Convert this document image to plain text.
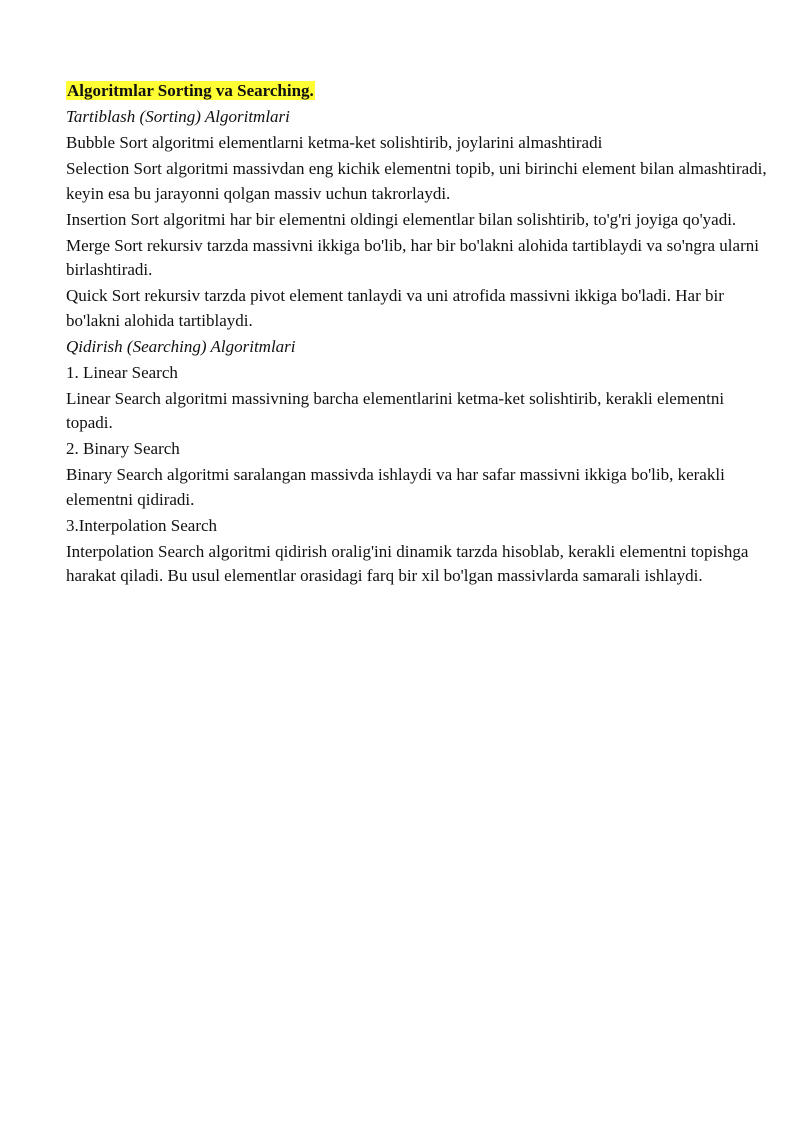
Algoritmlar Sorting va Searching.
Tartiblash (Sorting) Algoritmlari
Bubble Sort algoritmi elementlarni ketma-ket solishtirib, joylarini almashtiradi
Selection Sort algoritmi massivdan eng kichik elementni topib, uni birinchi element bilan almashtiradi, keyin esa bu jarayonni qolgan massiv uchun takrorlaydi.
Insertion Sort algoritmi har bir elementni oldingi elementlar bilan solishtirib, to'g'ri joyiga qo'yadi.
Merge Sort rekursiv tarzda massivni ikkiga bo'lib, har bir bo'lakni alohida tartiblaydi va so'ngra ularni birlashtiradi.
Quick Sort rekursiv tarzda pivot element tanlaydi va uni atrofida massivni ikkiga bo'ladi. Har bir bo'lakni alohida tartiblaydi.
Qidirish (Searching) Algoritmlari
1. Linear Search
Linear Search algoritmi massivning barcha elementlarini ketma-ket solishtirib, kerakli elementni topadi.
2. Binary Search
Binary Search algoritmi saralangan massivda ishlaydi va har safar massivni ikkiga bo'lib, kerakli elementni qidiradi.
3.Interpolation Search
Interpolation Search algoritmi qidirish oralig'ini dinamik tarzda hisoblab, kerakli elementni topishga harakat qiladi. Bu usul elementlar orasidagi farq bir xil bo'lgan massivlarda samarali ishlaydi.
